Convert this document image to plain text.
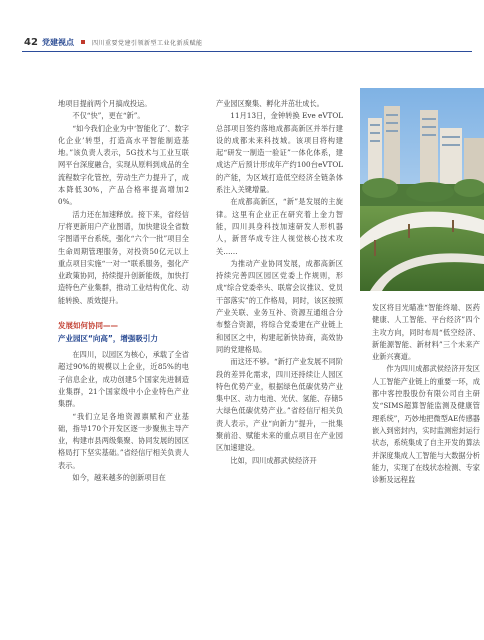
42 党建视点	四川重要党建引领新型工业化新质赋能

地项目提前两个月搞成投运。

不仅“快”，更在“新”。

“如今我们企业为中‘智能化了’、数字化企业’转型，打造高水平智能制造基地。”该负责人表示，5G技术与工业互联网平台深度融合，实现从原料到成品的全流程数字化管控，劳动生产力提升了，成本降低30%，产品合格率提高增加20%。

活力还在加速释放。接下来，省经信厅将更新用户产业图谱，加快建设全省数字图谱平台系统，强化“六个一批”项目全生命周期管理服务，对投资50亿元以上重点项目实施“一对一”联系服务，强化产业政策协同，持续提升创新能级，加快打造特色产业集群，推动工业结构优化、动能转换、质效提升。

发展如何协同——
产业园区“向高”，增强吸引力

在四川，以园区为核心，承载了全省超过90%的规模以上企业，近85%的电子信息企业，成功创建5个国家先进制造业集群，21个国家级中小企业特色产业集群。

“我们立足各地资源禀赋和产业基础，指导170个开发区逐一步聚焦主导产业，构建市县两级集聚、协同发展的园区格局打下坚实基础。”省经信厅相关负责人表示。

如今，越来越多的创新项目在

产业园区聚集、孵化并茁壮成长。

11月13日，金钟转换 Eve eVTOL总部项目签约落地成都高新区并举行建设的成都未来科技城。该项目将构建起“研发一制造一验证”一体化体系，建成达产后预计形成年产约100台eVTOL的产能，为区域打造低空经济全链条体系注入关键增量。

在成都高新区，“新”是发展的主旋律。这里有企业正在研究着上金力智能，四川具身科技加速研发人形机器人，新晋华成专注人视觉核心技术攻关……

为推动产业协同发展，成都高新区持续完善四区园区党委上作规则，形成“综合党委牵头、联席会议推议、党员干部落实”的工作格局，同时，该区按照产业关联、业务互补、资源互通组合分布整合资源，将综合党委建在产业链上和园区之中，构建起新快协商，高效协同的党建格局。

而这还不够。“新打产业发展不同阶段的差异化需求，四川还持续让人园区特色优势产业，根据绿色低碳优势产业集中区、动力电池、光伏、氢能、存储5大绿色低碳优势产业。”省经信厅相关负责人表示，产业“向新力”提升，一批集聚前沿、赋能未来的重点项目在产业园区加速建设。

比如，四川成都武侯经济开

发区将目光瞄准“智能终端、医药健康、人工智能、平台经济”四个主攻方向，同时布局“低空经济、新能源智能、新材料”三个未来产业新兴赛道。

作为四川成都武侯经济开发区人工智能产业链上的重要一环，成都中客控股股份有限公司自主研发“SIMS超算智能监测及健康管理系统”，巧妙地把微型AE传感器嵌入到密封内，实时监测密封运行状态，系统集成了自主开发的算法并深度集成人工智能与大数据分析能力，实现了在线状态检测、专家诊断及远程监
